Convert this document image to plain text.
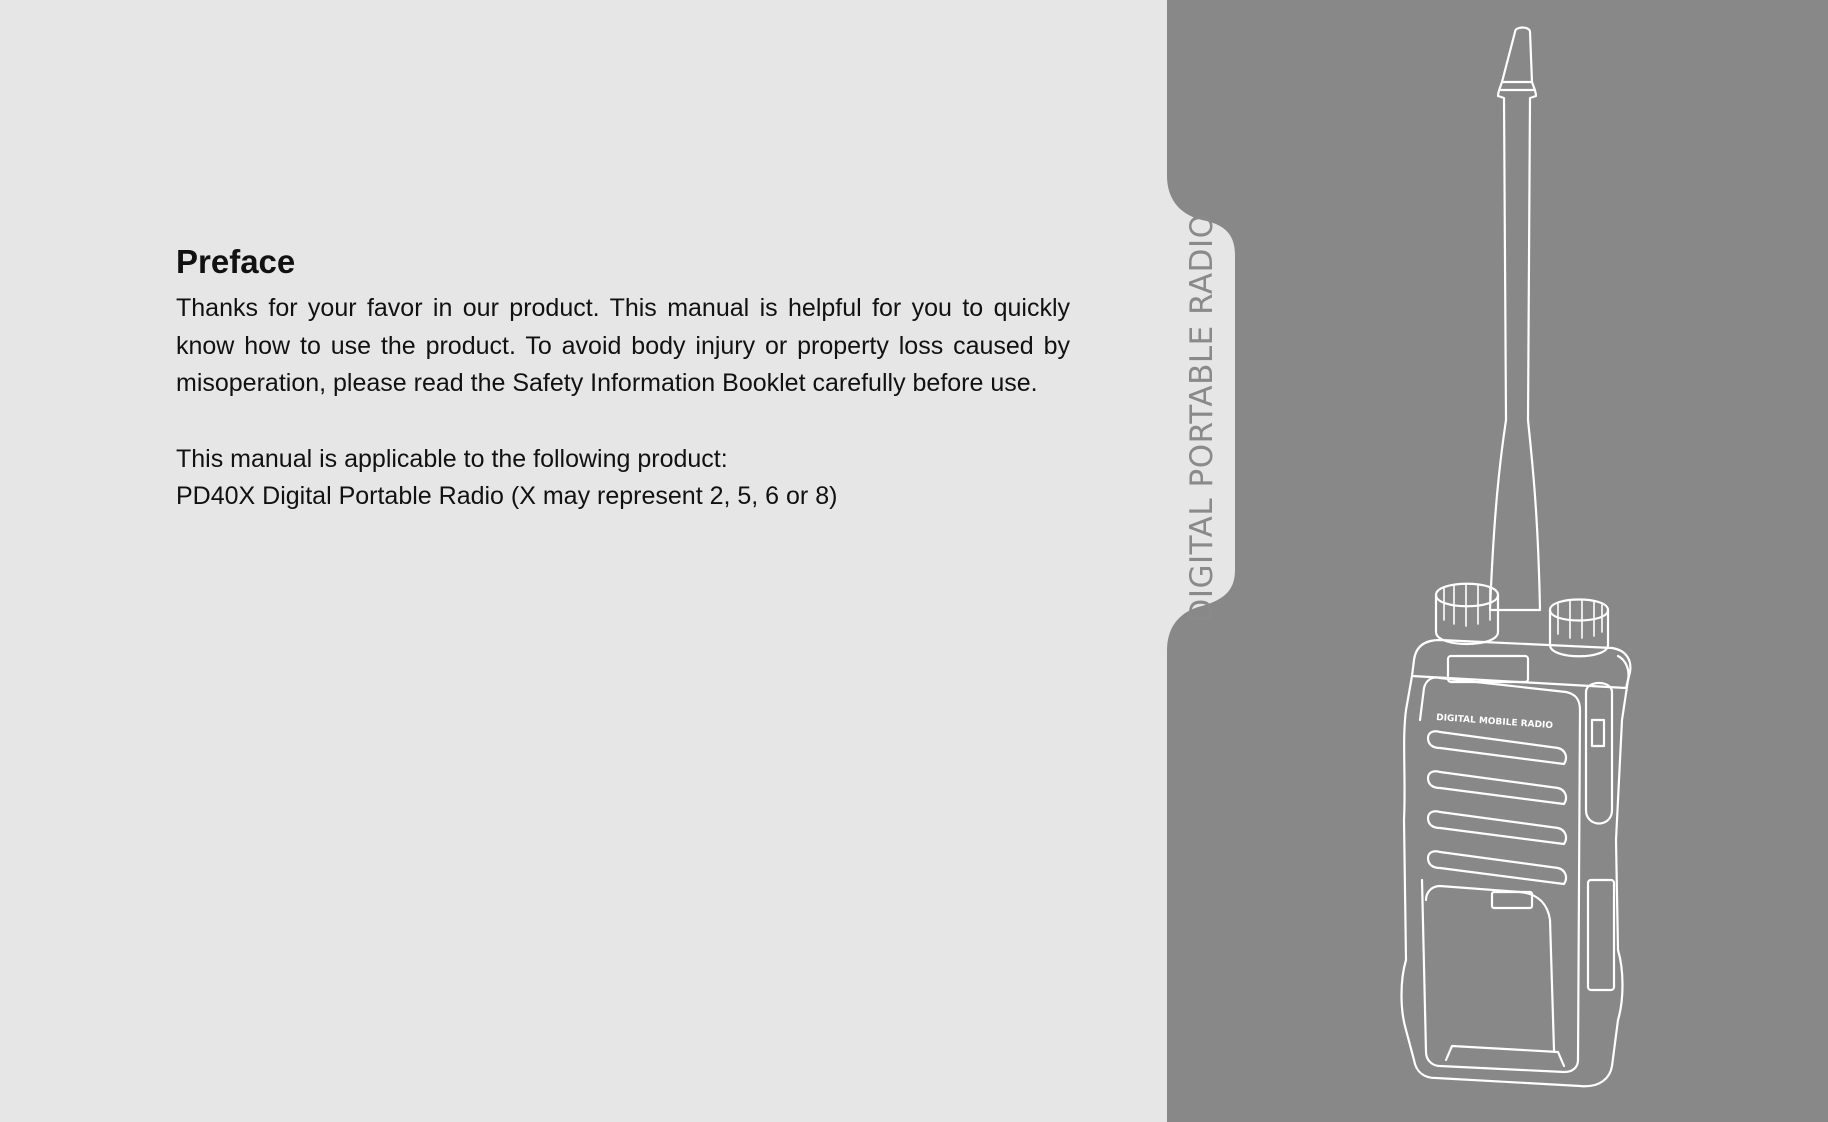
DIGITAL PORTABLE RADIO
DIGITAL MOBILE RADIO
Preface

Thanks for your favor in our product. This manual is helpful for you to quickly know how to use the product. To avoid body injury or property loss caused by misoperation, please read the Safety Information Booklet carefully before use.

This manual is applicable to the following product:

PD40X Digital Portable Radio (X may represent 2, 5, 6 or 8)
